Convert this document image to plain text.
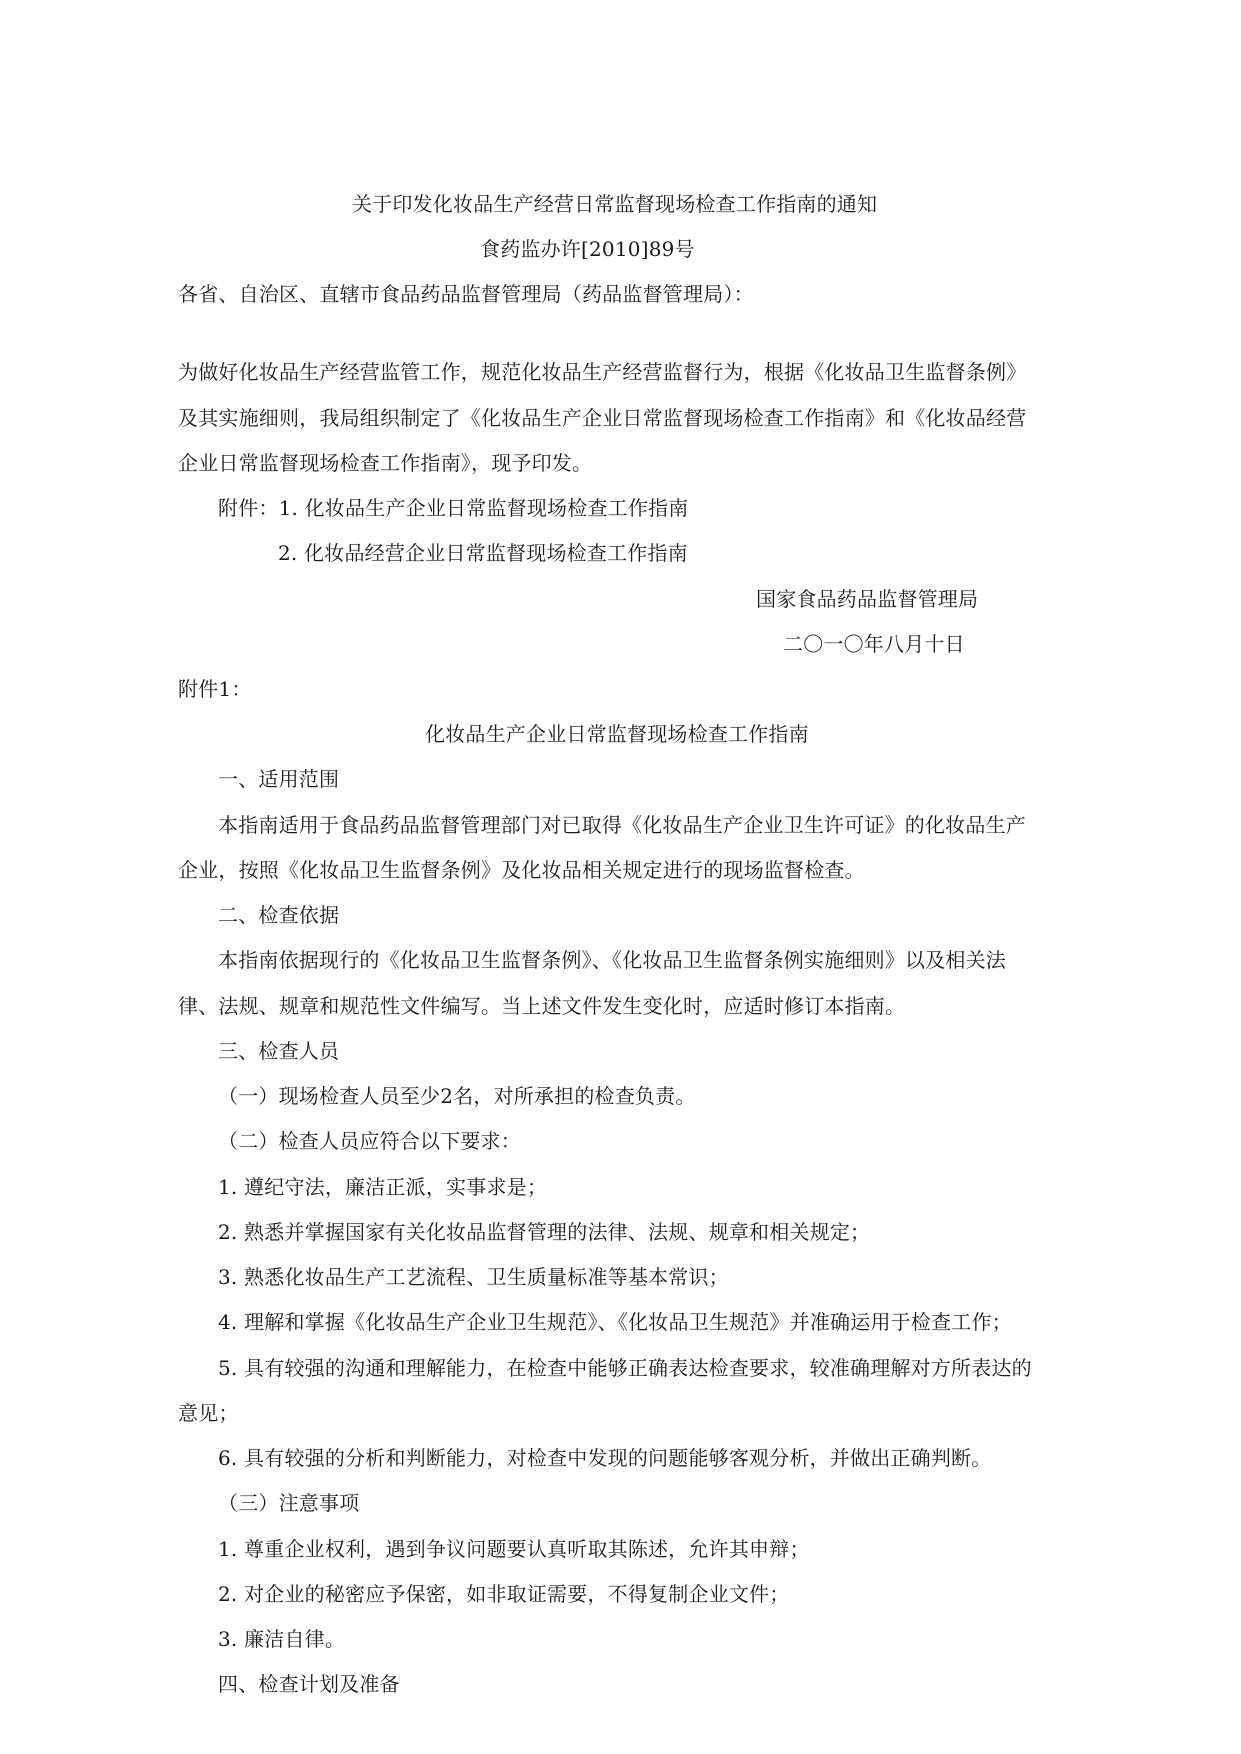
关于印发化妆品生产经营日常监督现场检查工作指南的通知
食药监办许[2010]89号
各省、自治区、直辖市食品药品监督管理局（药品监督管理局）：
为做好化妆品生产经营监管工作，规范化妆品生产经营监督行为，根据《化妆品卫生监督条例》
及其实施细则，我局组织制定了《化妆品生产企业日常监督现场检查工作指南》和《化妆品经营
企业日常监督现场检查工作指南》，现予印发。
附件：1. 化妆品生产企业日常监督现场检查工作指南
2. 化妆品经营企业日常监督现场检查工作指南
国家食品药品监督管理局
二〇一〇年八月十日
附件1：
化妆品生产企业日常监督现场检查工作指南
一、适用范围
本指南适用于食品药品监督管理部门对已取得《化妆品生产企业卫生许可证》的化妆品生产
企业，按照《化妆品卫生监督条例》及化妆品相关规定进行的现场监督检查。
二、检查依据
本指南依据现行的《化妆品卫生监督条例》、《化妆品卫生监督条例实施细则》以及相关法
律、法规、规章和规范性文件编写。当上述文件发生变化时，应适时修订本指南。
三、检查人员
（一）现场检查人员至少2名，对所承担的检查负责。
（二）检查人员应符合以下要求：
1. 遵纪守法，廉洁正派，实事求是；
2. 熟悉并掌握国家有关化妆品监督管理的法律、法规、规章和相关规定；
3. 熟悉化妆品生产工艺流程、卫生质量标准等基本常识；
4. 理解和掌握《化妆品生产企业卫生规范》、《化妆品卫生规范》并准确运用于检查工作；
5. 具有较强的沟通和理解能力，在检查中能够正确表达检查要求，较准确理解对方所表达的
意见；
6. 具有较强的分析和判断能力，对检查中发现的问题能够客观分析，并做出正确判断。
（三）注意事项
1. 尊重企业权利，遇到争议问题要认真听取其陈述，允许其申辩；
2. 对企业的秘密应予保密，如非取证需要，不得复制企业文件；
3. 廉洁自律。
四、检查计划及准备
